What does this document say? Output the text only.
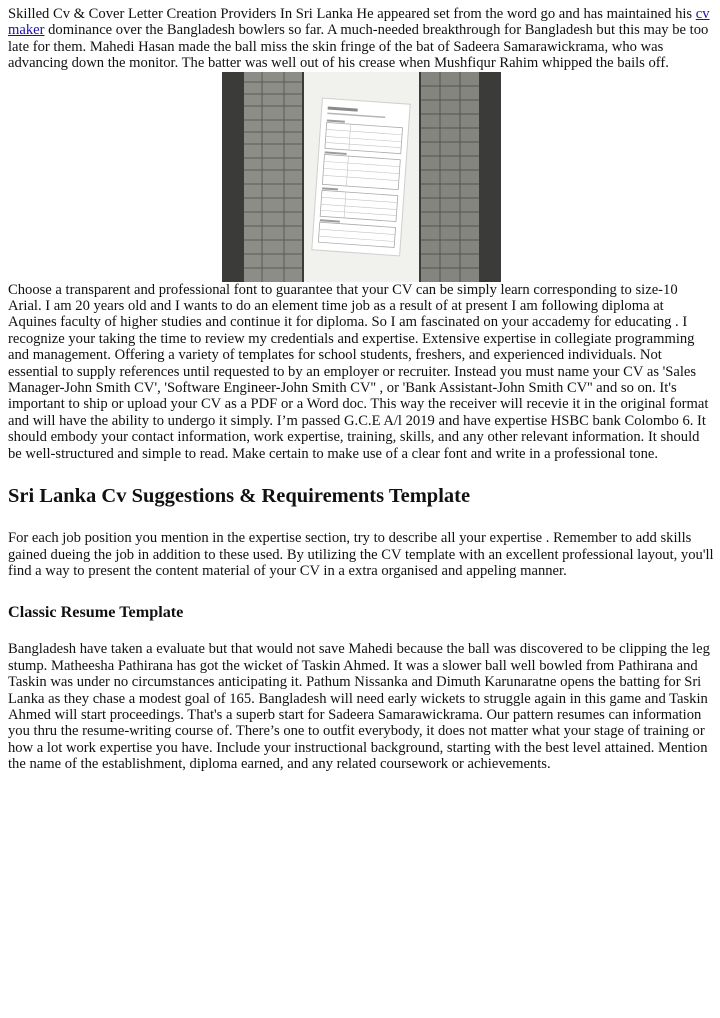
Skilled Cv & Cover Letter Creation Providers In Sri Lanka He appeared set from the word go and has maintained his cv maker dominance over the Bangladesh bowlers so far. A much-needed breakthrough for Bangladesh but this may be too late for them. Mahedi Hasan made the ball miss the skin fringe of the bat of Sadeera Samarawickrama, who was advancing down the monitor. The batter was well out of his crease when Mushfiqur Rahim whipped the bails off.

Choose a transparent and professional font to guarantee that your CV can be simply learn corresponding to size-10 Arial. I am 20 years old and I wants to do an element time job as a result of at present I am following diploma at Aquines faculty of higher studies and continue it for diploma. So I am fascinated on your accademy for educating . I recognize your taking the time to review my credentials and expertise. Extensive expertise in collegiate programming and management. Offering a variety of templates for school students, freshers, and experienced individuals. Not essential to supply references until requested to by an employer or recruiter. Instead you must name your CV as 'Sales Manager-John Smith CV', 'Software Engineer-John Smith CV'' , or 'Bank Assistant-John Smith CV'' and so on. It's important to ship or upload your CV as a PDF or a Word doc. This way the receiver will recevie it in the original format and will have the ability to undergo it simply. I’m passed G.C.E A/l 2019 and have expertise HSBC bank Colombo 6. It should embody your contact information, work expertise, training, skills, and any other relevant information. It should be well-structured and simple to read. Make certain to make use of a clear font and write in a professional tone.

Sri Lanka Cv Suggestions & Requirements Template

For each job position you mention in the expertise section, try to describe all your expertise . Remember to add skills gained dueing the job in addition to these used. By utilizing the CV template with an excellent professional layout, you'll find a way to present the content material of your CV in a extra organised and appeling manner.

Classic Resume Template

Bangladesh have taken a evaluate but that would not save Mahedi because the ball was discovered to be clipping the leg stump. Matheesha Pathirana has got the wicket of Taskin Ahmed. It was a slower ball well bowled from Pathirana and Taskin was under no circumstances anticipating it. Pathum Nissanka and Dimuth Karunaratne opens the batting for Sri Lanka as they chase a modest goal of 165. Bangladesh will need early wickets to struggle again in this game and Taskin Ahmed will start proceedings. That's a superb start for Sadeera Samarawickrama. Our pattern resumes can information you thru the resume-writing course of. There’s one to outfit everybody, it does not matter what your stage of training or how a lot work expertise you have. Include your instructional background, starting with the best level attained. Mention the name of the establishment, diploma earned, and any related coursework or achievements.
